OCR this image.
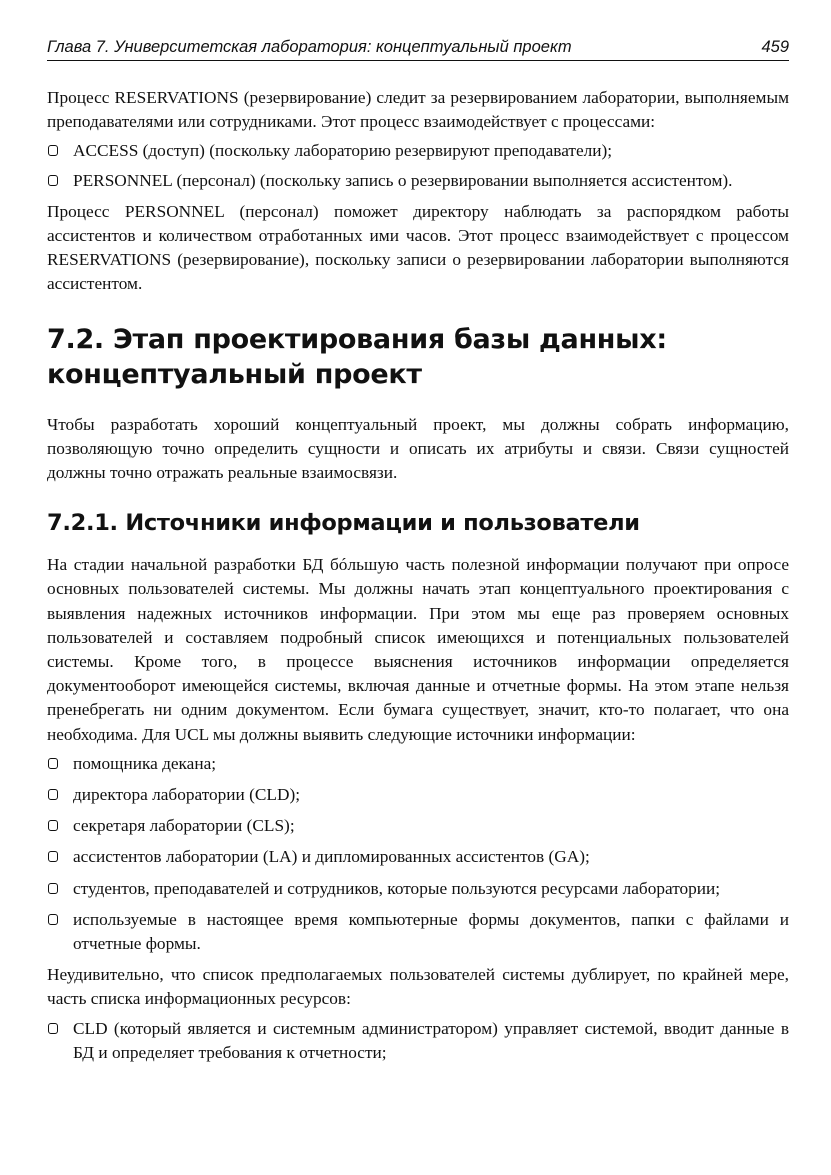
Глава 7. Университетская лаборатория: концептуальный проект	459

Процесс RESERVATIONS (резервирование) следит за резервированием лаборатории, выполняемым преподавателями или сотрудниками. Этот процесс взаимодействует с процессами:

ACCESS (доступ) (поскольку лабораторию резервируют преподаватели);

PERSONNEL (персонал) (поскольку запись о резервировании выполняется ассистентом).

Процесс PERSONNEL (персонал) поможет директору наблюдать за распорядком работы ассистентов и количеством отработанных ими часов. Этот процесс взаимодействует с процессом RESERVATIONS (резервирование), поскольку записи о резервировании лаборатории выполняются ассистентом.

7.2. Этап проектирования базы данных:
концептуальный проект

Чтобы разработать хороший концептуальный проект, мы должны собрать информацию, позволяющую точно определить сущности и описать их атрибуты и связи. Связи сущностей должны точно отражать реальные взаимосвязи.

7.2.1. Источники информации и пользователи

На стадии начальной разработки БД бóльшую часть полезной информации получают при опросе основных пользователей системы. Мы должны начать этап концептуального проектирования с выявления надежных источников информации. При этом мы еще раз проверяем основных пользователей и составляем подробный список имеющихся и потенциальных пользователей системы. Кроме того, в процессе выяснения источников информации определяется документооборот имеющейся системы, включая данные и отчетные формы. На этом этапе нельзя пренебрегать ни одним документом. Если бумага существует, значит, кто-то полагает, что она необходима. Для UCL мы должны выявить следующие источники информации:

помощника декана;

директора лаборатории (CLD);

секретаря лаборатории (CLS);

ассистентов лаборатории (LA) и дипломированных ассистентов (GA);

студентов, преподавателей и сотрудников, которые пользуются ресурсами лаборатории;

используемые в настоящее время компьютерные формы документов, папки с файлами и отчетные формы.

Неудивительно, что список предполагаемых пользователей системы дублирует, по крайней мере, часть списка информационных ресурсов:

CLD (который является и системным администратором) управляет системой, вводит данные в БД и определяет требования к отчетности;
